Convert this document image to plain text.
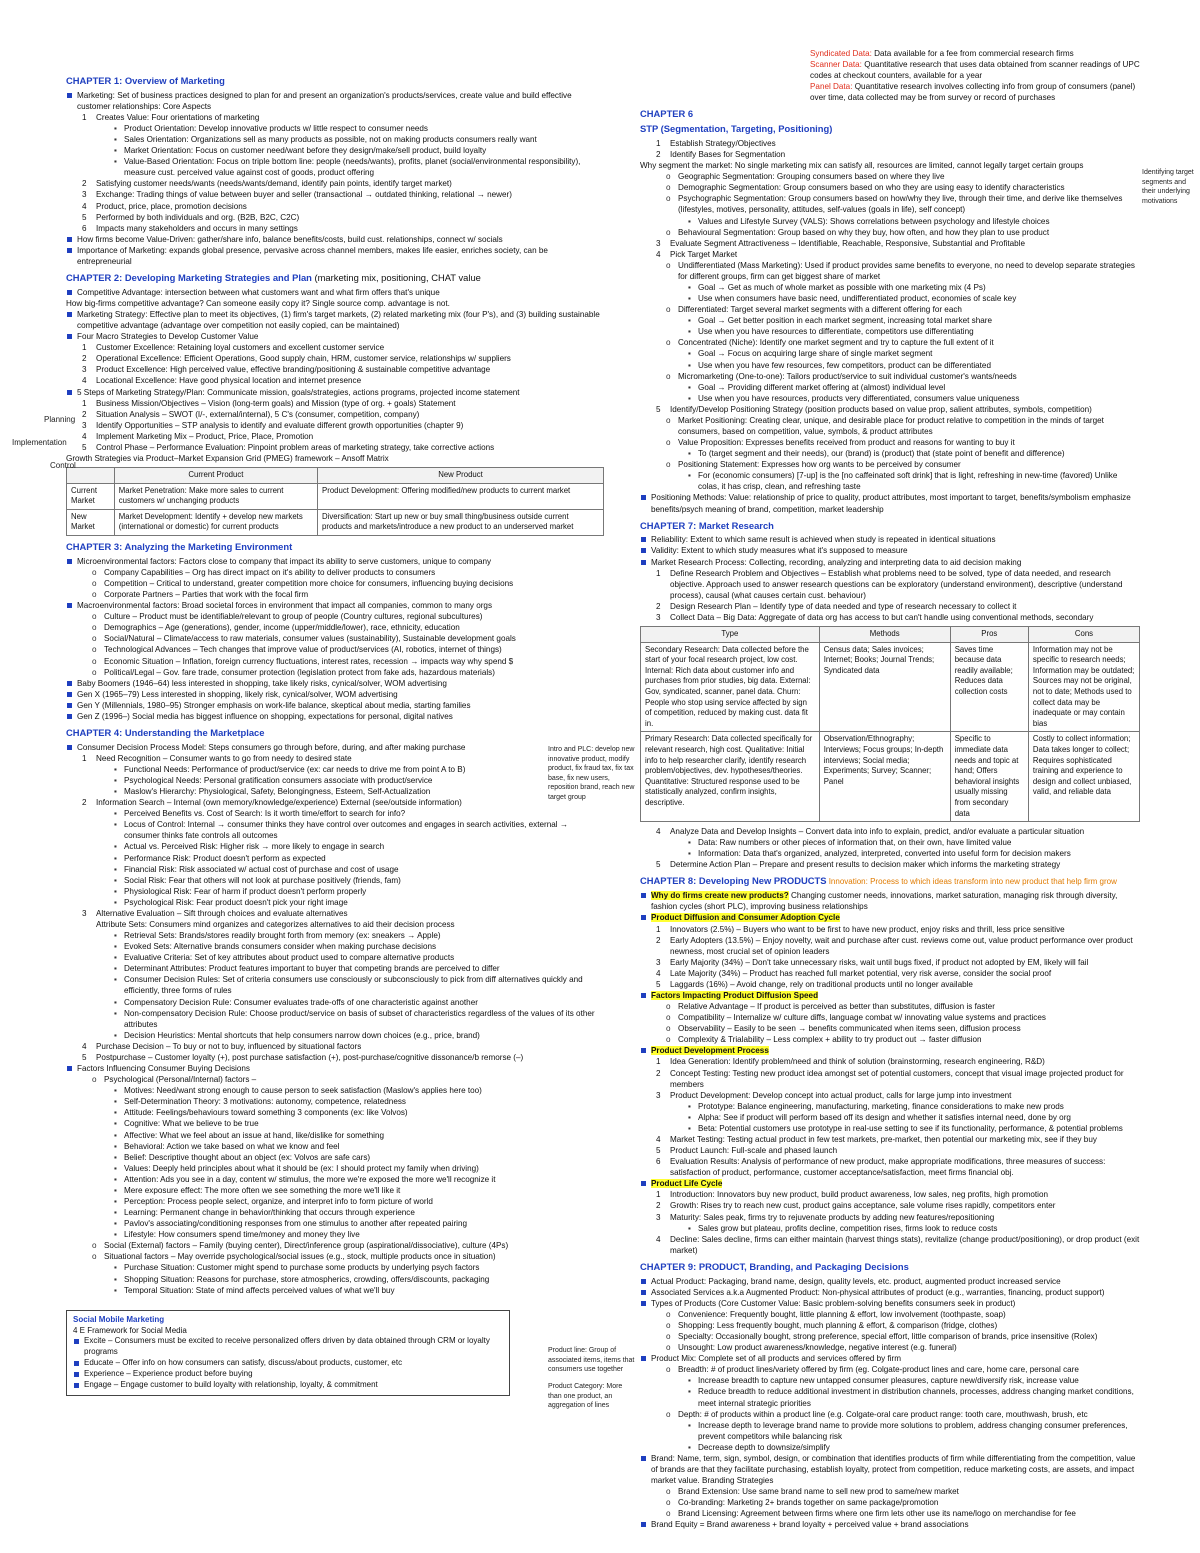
CHAPTER 1: Overview of Marketing
Marketing: Set of business practices designed to plan for and present an organization's products/services, create value and build effective customer relationships: Core Aspects
1 Creates Value: Four orientations of marketing
▪ Product Orientation: Develop innovative products w/ little respect to consumer needs
▪ Sales Orientation: Organizations sell as many products as possible, not on making products consumers really want
▪ Market Orientation: Focus on customer need/want before they design/make/sell product, build loyalty
▪ Value-Based Orientation: Focus on triple bottom line: people (needs/wants), profits, planet (social/environmental responsibility), measure cust. perceived value against cost of goods, product offering
2 Satisfying customer needs/wants (needs/wants/demand, identify pain points, identify target market)
3 Exchange: Trading things of value between buyer and seller (transactional → outdated thinking, relational → newer)
4 Product, price, place, promotion decisions
5 Performed by both individuals and org. (B2B, B2C, C2C)
6 Impacts many stakeholders and occurs in many settings
How firms become Value-Driven: gather/share info, balance benefits/costs, build cust. relationships, connect w/ socials
Importance of Marketing: expands global presence, pervasive across channel members, makes life easier, enriches society, can be entrepreneurial
CHAPTER 2: Developing Marketing Strategies and Plan (marketing mix, positioning, CHAT value
Competitive Advantage: intersection between what customers want and what firm offers that's unique
How big-firms competitive advantage? Can someone easily copy it? Single source comp. advantage is not.
Marketing Strategy: Effective plan to meet its objectives, (1) firm's target markets, (2) related marketing mix (four P's), and (3) building sustainable competitive advantage (advantage over competition not easily copied, can be maintained)
Four Macro Strategies to Develop Customer Value
1 Customer Excellence: Retaining loyal customers and excellent customer service
2 Operational Excellence: Efficient Operations, Good supply chain, HRM, customer service, relationships w/ suppliers
3 Product Excellence: High perceived value, effective branding/positioning & sustainable competitive advantage
4 Locational Excellence: Have good physical location and internet presence
5 Steps of Marketing Strategy/Plan: Communicate mission, goals/strategies, actions programs, projected income statement
1 Business Mission/Objectives – Vision (long-term goals) and Mission (type of org. + goals) Statement
2 Situation Analysis – SWOT (I/-, external/internal), 5 C's (consumer, competition, company)
3 Identify Opportunities – STP analysis to identify and evaluate different growth opportunities (chapter 9)
4 Implement Marketing Mix – Product, Price, Place, Promotion
5 Control Phase – Performance Evaluation: Pinpoint problem areas of marketing strategy, take corrective actions
Growth Strategies via Product–Market Expansion Grid (PMEG) framework – Ansoff Matrix
	Current Product	New Product
Current Market	Market Penetration: Make more sales to current customers w/ unchanging products	Product Development: Offering modified/new products to current market
New Market	Market Development: Identify + develop new markets (international or domestic) for current products	Diversification: Start up new or buy small thing/business outside current products and markets/introduce a new product to an underserved market
CHAPTER 3: Analyzing the Marketing Environment
Microenvironmental factors: Factors close to company that impact its ability to serve customers, unique to company
o Company Capabilities – Org has direct impact on it's ability to deliver products to consumers
o Competition – Critical to understand, greater competition more choice for consumers, influencing buying decisions
o Corporate Partners – Parties that work with the focal firm
Macroenvironmental factors: Broad societal forces in environment that impact all companies, common to many orgs
o Culture – Product must be identifiable/relevant to group of people (Country cultures, regional subcultures)
o Demographics – Age (generations), gender, income (upper/middle/lower), race, ethnicity, education
o Social/Natural – Climate/access to raw materials, consumer values (sustainability), Sustainable development goals
o Technological Advances – Tech changes that improve value of product/services (AI, robotics, internet of things)
o Economic Situation – Inflation, foreign currency fluctuations, interest rates, recession → impacts way why spend $
o Political/Legal – Gov. fare trade, consumer protection (legislation protect from fake ads, hazardous materials)
Baby Boomers (1946–64) less interested in shopping, take likely risks, cynical/solver, WOM advertising
Gen X (1965–79) Less interested in shopping, likely risk, cynical/solver, WOM advertising
Gen Y (Millennials, 1980–95) Stronger emphasis on work-life balance, skeptical about media, starting families
Gen Z (1996–) Social media has biggest influence on shopping, expectations for personal, digital natives
CHAPTER 4: Understanding the Marketplace
Consumer Decision Process Model: Steps consumers go through before, during, and after making purchase
1 Need Recognition – Consumer wants to go from needy to desired state
▪ Functional Needs: Performance of product/service (ex: car needs to drive me from point A to B)
▪ Psychological Needs: Personal gratification consumers associate with product/service
▪ Maslow's Hierarchy: Physiological, Safety, Belongingness, Esteem, Self-Actualization
2 Information Search – Internal (own memory/knowledge/experience) External (see/outside information)
▪ Perceived Benefits vs. Cost of Search: Is it worth time/effort to search for info?
▪ Locus of Control: Internal → consumer thinks they have control over outcomes and engages in search activities, external → consumer thinks fate controls all outcomes
▪ Actual vs. Perceived Risk: Higher risk → more likely to engage in search
▪ Performance Risk: Product doesn't perform as expected
▪ Financial Risk: Risk associated w/ actual cost of purchase and cost of usage
▪ Social Risk: Fear that others will not look at purchase positively (friends, fam)
▪ Physiological Risk: Fear of harm if product doesn't perform properly
▪ Psychological Risk: Fear product doesn't pick your right image
3 Alternative Evaluation – Sift through choices and evaluate alternatives
Attribute Sets: Consumers mind organizes and categorizes alternatives to aid their decision process
▪ Retrieval Sets: Brands/stores readily brought forth from memory (ex: sneakers → Apple)
▪ Evoked Sets: Alternative brands consumers consider when making purchase decisions
▪ Evaluative Criteria: Set of key attributes about product used to compare alternative products
▪ Determinant Attributes: Product features important to buyer that competing brands are perceived to differ
▪ Consumer Decision Rules: Set of criteria consumers use consciously or subconsciously to pick from diff alternatives quickly and efficiently, three forms of rules
▪ Compensatory Decision Rule: Consumer evaluates trade-offs of one characteristic against another
▪ Non-compensatory Decision Rule: Choose product/service on basis of subset of characteristics regardless of the values of its other attributes
▪ Decision Heuristics: Mental shortcuts that help consumers narrow down choices (e.g., price, brand)
4 Purchase Decision – To buy or not to buy, influenced by situational factors
5 Postpurchase – Customer loyalty (+), post purchase satisfaction (+), post-purchase/cognitive dissonance/b remorse (–)
Factors Influencing Consumer Buying Decisions
o Psychological (Personal/Internal) factors –
▪ Motives: Need/want strong enough to cause person to seek satisfaction (Maslow's applies here too)
▪ Self-Determination Theory: 3 motivations: autonomy, competence, relatedness
▪ Attitude: Feelings/behaviours toward something 3 components (ex: like Volvos)
▪ Cognitive: What we believe to be true
▪ Affective: What we feel about an issue at hand, like/dislike for something
▪ Behavioral: Action we take based on what we know and feel
▪ Belief: Descriptive thought about an object (ex: Volvos are safe cars)
▪ Values: Deeply held principles about what it should be (ex: I should protect my family when driving)
▪ Attention: Ads you see in a day, content w/ stimulus, the more we're exposed the more we'll recognize it
▪ Mere exposure effect: The more often we see something the more we'll like it
▪ Perception: Process people select, organize, and interpret info to form picture of world
▪ Learning: Permanent change in behavior/thinking that occurs through experience
▪ Pavlov's associating/conditioning responses from one stimulus to another after repeated pairing
▪ Lifestyle: How consumers spend time/money and money they live
o Social (External) factors – Family (buying center), Direct/inference group (aspirational/dissociative), culture (4Ps)
o Situational factors – May override psychological/social issues (e.g., stock, multiple products once in situation)
▪ Purchase Situation: Customer might spend to purchase some products by underlying psych factors
▪ Shopping Situation: Reasons for purchase, store atmospherics, crowding, offers/discounts, packaging
▪ Temporal Situation: State of mind affects perceived values of what we'll buy
Social Mobile Marketing
4 E Framework for Social Media
Excite – Consumers must be excited to receive personalized offers driven by data obtained through CRM or loyalty programs
Educate – Offer info on how consumers can satisfy, discuss/about products, customer, etc
Experience – Experience product before buying
Engage – Engage customer to build loyalty with relationship, loyalty, & commitment
Planning
Implementation
Control
Syndicated Data: Data available for a fee from commercial research firms
Scanner Data: Quantitative research that uses data obtained from scanner readings of UPC codes at checkout counters, available for a year
Panel Data: Quantitative research involves collecting info from group of consumers (panel) over time, data collected may be from survey or record of purchases
CHAPTER 6
STP (Segmentation, Targeting, Positioning)
1 Establish Strategy/Objectives
2 Identify Bases for Segmentation
Why segment the market: No single marketing mix can satisfy all, resources are limited, cannot legally target certain groups
o Geographic Segmentation: Grouping consumers based on where they live
o Demographic Segmentation: Group consumers based on who they are using easy to identify characteristics
o Psychographic Segmentation: Group consumers based on how/why they live, through their time, and derive like themselves (lifestyles, motives, personality, attitudes, self-values (goals in life), self concept)
▪ Values and Lifestyle Survey (VALS): Shows correlations between psychology and lifestyle choices
o Behavioural Segmentation: Group based on why they buy, how often, and how they plan to use product
3 Evaluate Segment Attractiveness – Identifiable, Reachable, Responsive, Substantial and Profitable
4 Pick Target Market
o Undifferentiated (Mass Marketing): Used if product provides same benefits to everyone, no need to develop separate strategies for different groups, firm can get biggest share of market
▪ Goal → Get as much of whole market as possible with one marketing mix (4 Ps)
▪ Use when consumers have basic need, undifferentiated product, economies of scale key
o Differentiated: Target several market segments with a different offering for each
▪ Goal → Get better position in each market segment, increasing total market share
▪ Use when you have resources to differentiate, competitors use differentiating
o Concentrated (Niche): Identify one market segment and try to capture the full extent of it
▪ Goal → Focus on acquiring large share of single market segment
▪ Use when you have few resources, few competitors, product can be differentiated
o Micromarketing (One-to-one): Tailors product/service to suit individual customer's wants/needs
▪ Goal → Providing different market offering at (almost) individual level
▪ Use when you have resources, products very differentiated, consumers value uniqueness
5 Identify/Develop Positioning Strategy (position products based on value prop, salient attributes, symbols, competition)
o Market Positioning: Creating clear, unique, and desirable place for product relative to competition in the minds of target consumers, based on competition, value, symbols, & product attributes
o Value Proposition: Expresses benefits received from product and reasons for wanting to buy it
▪ To (target segment and their needs), our (brand) is (product) that (state point of benefit and difference)
o Positioning Statement: Expresses how org wants to be perceived by consumer
▪ For (economic consumers) [7-up] is the [no caffeinated soft drink] that is light, refreshing in new-time (favored) Unlike colas, it has crisp, clean, and refreshing taste
Positioning Methods: Value: relationship of price to quality, product attributes, most important to target, benefits/symbolism emphasize benefits/psych meaning of brand, competition, market leadership
CHAPTER 7: Market Research
Reliability: Extent to which same result is achieved when study is repeated in identical situations
Validity: Extent to which study measures what it's supposed to measure
Market Research Process: Collecting, recording, analyzing and interpreting data to aid decision making
1 Define Research Problem and Objectives – Establish what problems need to be solved, type of data needed, and research objective. Approach used to answer research questions can be exploratory (understand environment), descriptive (understand process), causal (what causes certain cust. behaviour)
2 Design Research Plan – Identify type of data needed and type of research necessary to collect it
3 Collect Data – Big Data: Aggregate of data org has access to but can't handle using conventional methods, secondary
Type	Methods	Pros	Cons
Secondary Research: Data collected before the start of your focal research project, low cost. Internal: Rich data about customer info and purchases from prior studies, big data. External: Gov, syndicated, scanner, panel data. Churn: People who stop using service affected by sign of competition, reduced by making cust. data fit in.	Census data; Sales invoices; Internet; Books; Journal Trends; Syndicated data	Saves time because data readily available; Reduces data collection costs	Information may not be specific to research needs; Information may be outdated; Sources may not be original, not to date; Methods used to collect data may be inadequate or may contain bias
Primary Research: Data collected specifically for relevant research, high cost. Qualitative: Initial info to help researcher clarify, identify research problem/objectives, dev. hypotheses/theories. Quantitative: Structured response used to be statistically analyzed, confirm insights, descriptive.	Observation/Ethnography; Interviews; Focus groups; In-depth interviews; Social media; Experiments; Survey; Scanner; Panel	Specific to immediate data needs and topic at hand; Offers behavioral insights usually missing from secondary data	Costly to collect information; Data takes longer to collect; Requires sophisticated training and experience to design and collect unbiased, valid, and reliable data
4 Analyze Data and Develop Insights – Convert data into info to explain, predict, and/or evaluate a particular situation
▪ Data: Raw numbers or other pieces of information that, on their own, have limited value
▪ Information: Data that's organized, analyzed, interpreted, converted into useful form for decision makers
5 Determine Action Plan – Prepare and present results to decision maker which informs the marketing strategy
CHAPTER 8: Developing New PRODUCTS Innovation: Process to which ideas transform into new product that help firm grow
Why do firms create new products? Changing customer needs, innovations, market saturation, managing risk through diversity, fashion cycles (short PLC), improving business relationships
Product Diffusion and Consumer Adoption Cycle
1 Innovators (2.5%) – Buyers who want to be first to have new product, enjoy risks and thrill, less price sensitive
2 Early Adopters (13.5%) – Enjoy novelty, wait and purchase after cust. reviews come out, value product performance over product newness, most crucial set of opinion leaders
3 Early Majority (34%) – Don't take unnecessary risks, wait until bugs fixed, if product not adopted by EM, likely will fail
4 Late Majority (34%) – Product has reached full market potential, very risk averse, consider the social proof
5 Laggards (16%) – Avoid change, rely on traditional products until no longer available
Factors Impacting Product Diffusion Speed
o Relative Advantage – If product is perceived as better than substitutes, diffusion is faster
o Compatibility – Internalize w/ culture diffs, language combat w/ innovating value systems and practices
o Observability – Easily to be seen → benefits communicated when items seen, diffusion process
o Complexity & Trialability – Less complex + ability to try product out → faster diffusion
Product Development Process
1 Idea Generation: Identify problem/need and think of solution (brainstorming, research engineering, R&D)
2 Concept Testing: Testing new product idea amongst set of potential customers, concept that visual image projected product for members
3 Product Development: Develop concept into actual product, calls for large jump into investment
▪ Prototype: Balance engineering, manufacturing, marketing, finance considerations to make new prods
▪ Alpha: See if product will perform based off its design and whether it satisfies internal need, done by org
▪ Beta: Potential customers use prototype in real-use setting to see if its functionality, performance, & potential problems
4 Market Testing: Testing actual product in few test markets, pre-market, then potential our marketing mix, see if they buy
5 Product Launch: Full-scale and phased launch
6 Evaluation Results: Analysis of performance of new product, make appropriate modifications, three measures of success: satisfaction of product, performance, customer acceptance/satisfaction, meet firms financial obj.
Product Life Cycle
1 Introduction: Innovators buy new product, build product awareness, low sales, neg profits, high promotion
2 Growth: Rises try to reach new cust, product gains acceptance, sale volume rises rapidly, competitors enter
3 Maturity: Sales peak, firms try to rejuvenate products by adding new features/repositioning
▪ Sales grow but plateau, profits decline, competition rises, firms look to reduce costs
4 Decline: Sales decline, firms can either maintain (harvest things stats), revitalize (change product/positioning), or drop product (exit market)
CHAPTER 9: PRODUCT, Branding, and Packaging Decisions
Actual Product: Packaging, brand name, design, quality levels, etc. product, augmented product increased service
Associated Services a.k.a Augmented Product: Non-physical attributes of product (e.g., warranties, financing, product support)
Types of Products (Core Customer Value: Basic problem-solving benefits consumers seek in product)
o Convenience: Frequently bought, little planning & effort, low involvement (toothpaste, soap)
o Shopping: Less frequently bought, much planning & effort, & comparison (fridge, clothes)
o Specialty: Occasionally bought, strong preference, special effort, little comparison of brands, price insensitive (Rolex)
o Unsought: Low product awareness/knowledge, negative interest (e.g. funeral)
Product Mix: Complete set of all products and services offered by firm
o Breadth: # of product lines/variety offered by firm (eg. Colgate-product lines and care, home care, personal care
▪ Increase breadth to capture new untapped consumer pleasures, capture new/diversify risk, increase value
▪ Reduce breadth to reduce additional investment in distribution channels, processes, address changing market conditions, meet internal strategic priorities
o Depth: # of products within a product line (e.g. Colgate-oral care product range: tooth care, mouthwash, brush, etc
▪ Increase depth to leverage brand name to provide more solutions to problem, address changing consumer preferences, prevent competitors while balancing risk
▪ Decrease depth to downsize/simplify
Brand: Name, term, sign, symbol, design, or combination that identifies products of firm while differentiating from the competition, value of brands are that they facilitate purchasing, establish loyalty, protect from competition, reduce marketing costs, are assets, and impact market value. Branding Strategies
o Brand Extension: Use same brand name to sell new prod to same/new market
o Co-branding: Marketing 2+ brands together on same package/promotion
o Brand Licensing: Agreement between firms where one firm lets other use its name/logo on merchandise for fee
Brand Equity = Brand awareness + brand loyalty + perceived value + brand associations
Identifying target segments and their underlying motivations
Intro and PLC: develop new innovative product, modify product, fix fraud tax, fix tax base, fix new users, reposition brand, reach new target group
Product line: Group of associated items, items that consumers use together
Product Category: More than one product, an aggregation of lines
